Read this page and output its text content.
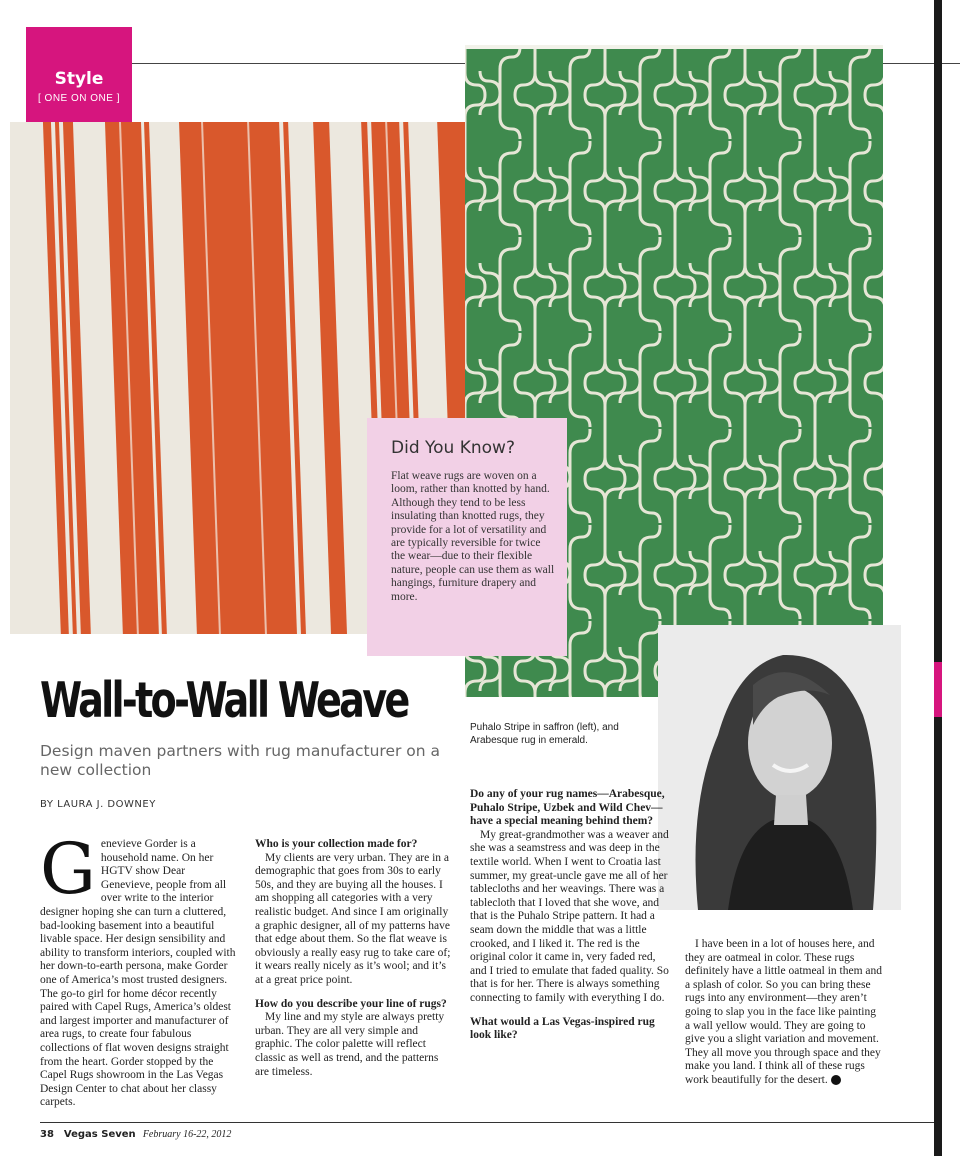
Style
[ ONE ON ONE ]
Did You Know?

Flat weave rugs are woven on a loom, rather than knotted by hand. Although they tend to be less insulating than knotted rugs, they provide for a lot of versatility and are typically reversible for twice the wear—due to their flexible nature, people can use them as wall hangings, furniture drapery and more.

Puhalo Stripe in saffron (left), and Arabesque rug in emerald.
Wall-to-Wall Weave
Design maven partners with rug manufacturer on a new collection
BY LAURA J. DOWNEY
G enevieve Gorder is a household name. On her HGTV show Dear Genevieve, people from all over write to the interior designer hoping she can turn a cluttered, bad-looking basement into a beautiful livable space. Her design sensibility and ability to transform interiors, coupled with her down-to-earth persona, make Gorder one of America’s most trusted designers. The go-to girl for home décor recently paired with Capel Rugs, America’s oldest and largest importer and manufacturer of area rugs, to create four fabulous collections of flat woven designs straight from the heart. Gorder stopped by the Capel Rugs showroom in the Las Vegas Design Center to chat about her classy carpets.

Who is your collection made for?

My clients are very urban. They are in a demographic that goes from 30s to early 50s, and they are buying all the houses. I am shopping all categories with a very realistic budget. And since I am originally a graphic designer, all of my patterns have that edge about them. So the flat weave is obviously a really easy rug to take care of; it wears really nicely as it’s wool; and it’s at a great price point.

How do you describe your line of rugs?

My line and my style are always pretty urban. They are all very simple and graphic. The color palette will reflect classic as well as trend, and the patterns are timeless.

Do any of your rug names—Arabesque, Puhalo Stripe, Uzbek and Wild Chev—have a special meaning behind them?

My great-grandmother was a weaver and she was a seamstress and was deep in the textile world. When I went to Croatia last summer, my great-uncle gave me all of her tablecloths and her weavings. There was a tablecloth that I loved that she wove, and that is the Puhalo Stripe pattern. It had a seam down the middle that was a little crooked, and I liked it. The red is the original color it came in, very faded red, and I tried to emulate that faded quality. So that is for her. There is always something connecting to family with everything I do.

What would a Las Vegas-inspired rug look like?

I have been in a lot of houses here, and they are oatmeal in color. These rugs definitely have a little oatmeal in them and a splash of color. So you can bring these rugs into any environment—they aren’t going to slap you in the face like painting a wall yellow would. They are going to give you a slight variation and movement. They all move you through space and they make you land. I think all of these rugs work beautifully for the desert. 7

38 Vegas Seven February 16-22, 2012
